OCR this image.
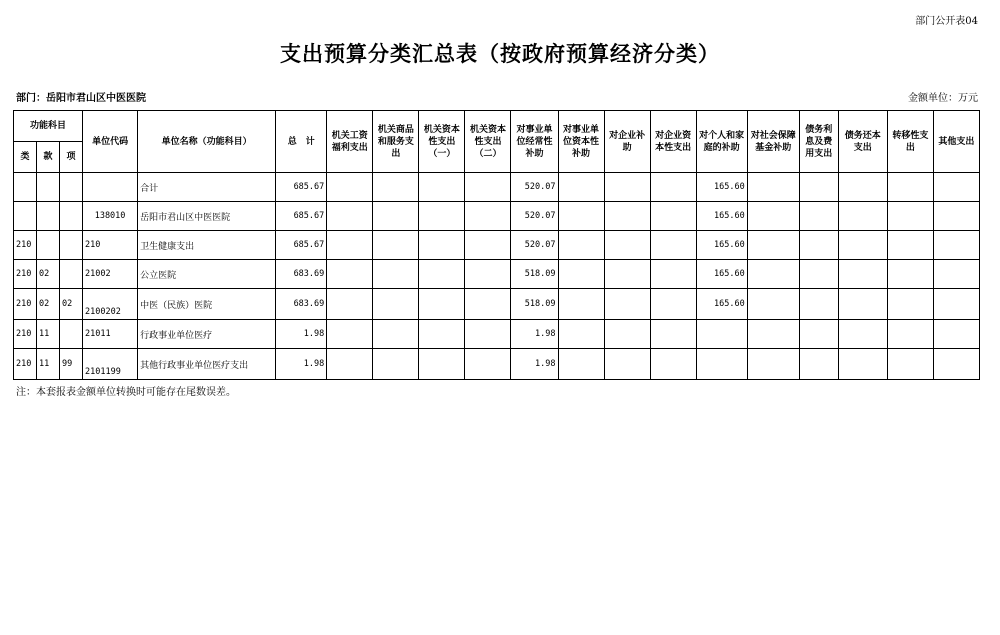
部门公开表04
支出预算分类汇总表（按政府预算经济分类）
部门：岳阳市君山区中医医院	金额单位：万元
功能科目			单位代码	单位名称（功能科目）	总　计	机关工资福利支出	机关商品和服务支出	机关资本性支出（一）	机关资本性支出（二）	对事业单位经常性补助	对事业单位资本性补助	对企业补助	对企业资本性支出	对个人和家庭的补助	对社会保障基金补助	债务利息及费用支出	债务还本支出	转移性支出	其他支出
类	款	项																	
				合计	685.67					520.07				165.60					
			138010	岳阳市君山区中医医院	685.67					520.07				165.60					
210			210	卫生健康支出	685.67					520.07				165.60					
210	02		21002	公立医院	683.69					518.09				165.60					
210	02	02	2100202	中医（民族）医院	683.69					518.09				165.60					
210	11		21011	行政事业单位医疗	1.98					1.98									
210	11	99	2101199	其他行政事业单位医疗支出	1.98					1.98									
注：本套报表金额单位转换时可能存在尾数误差。
